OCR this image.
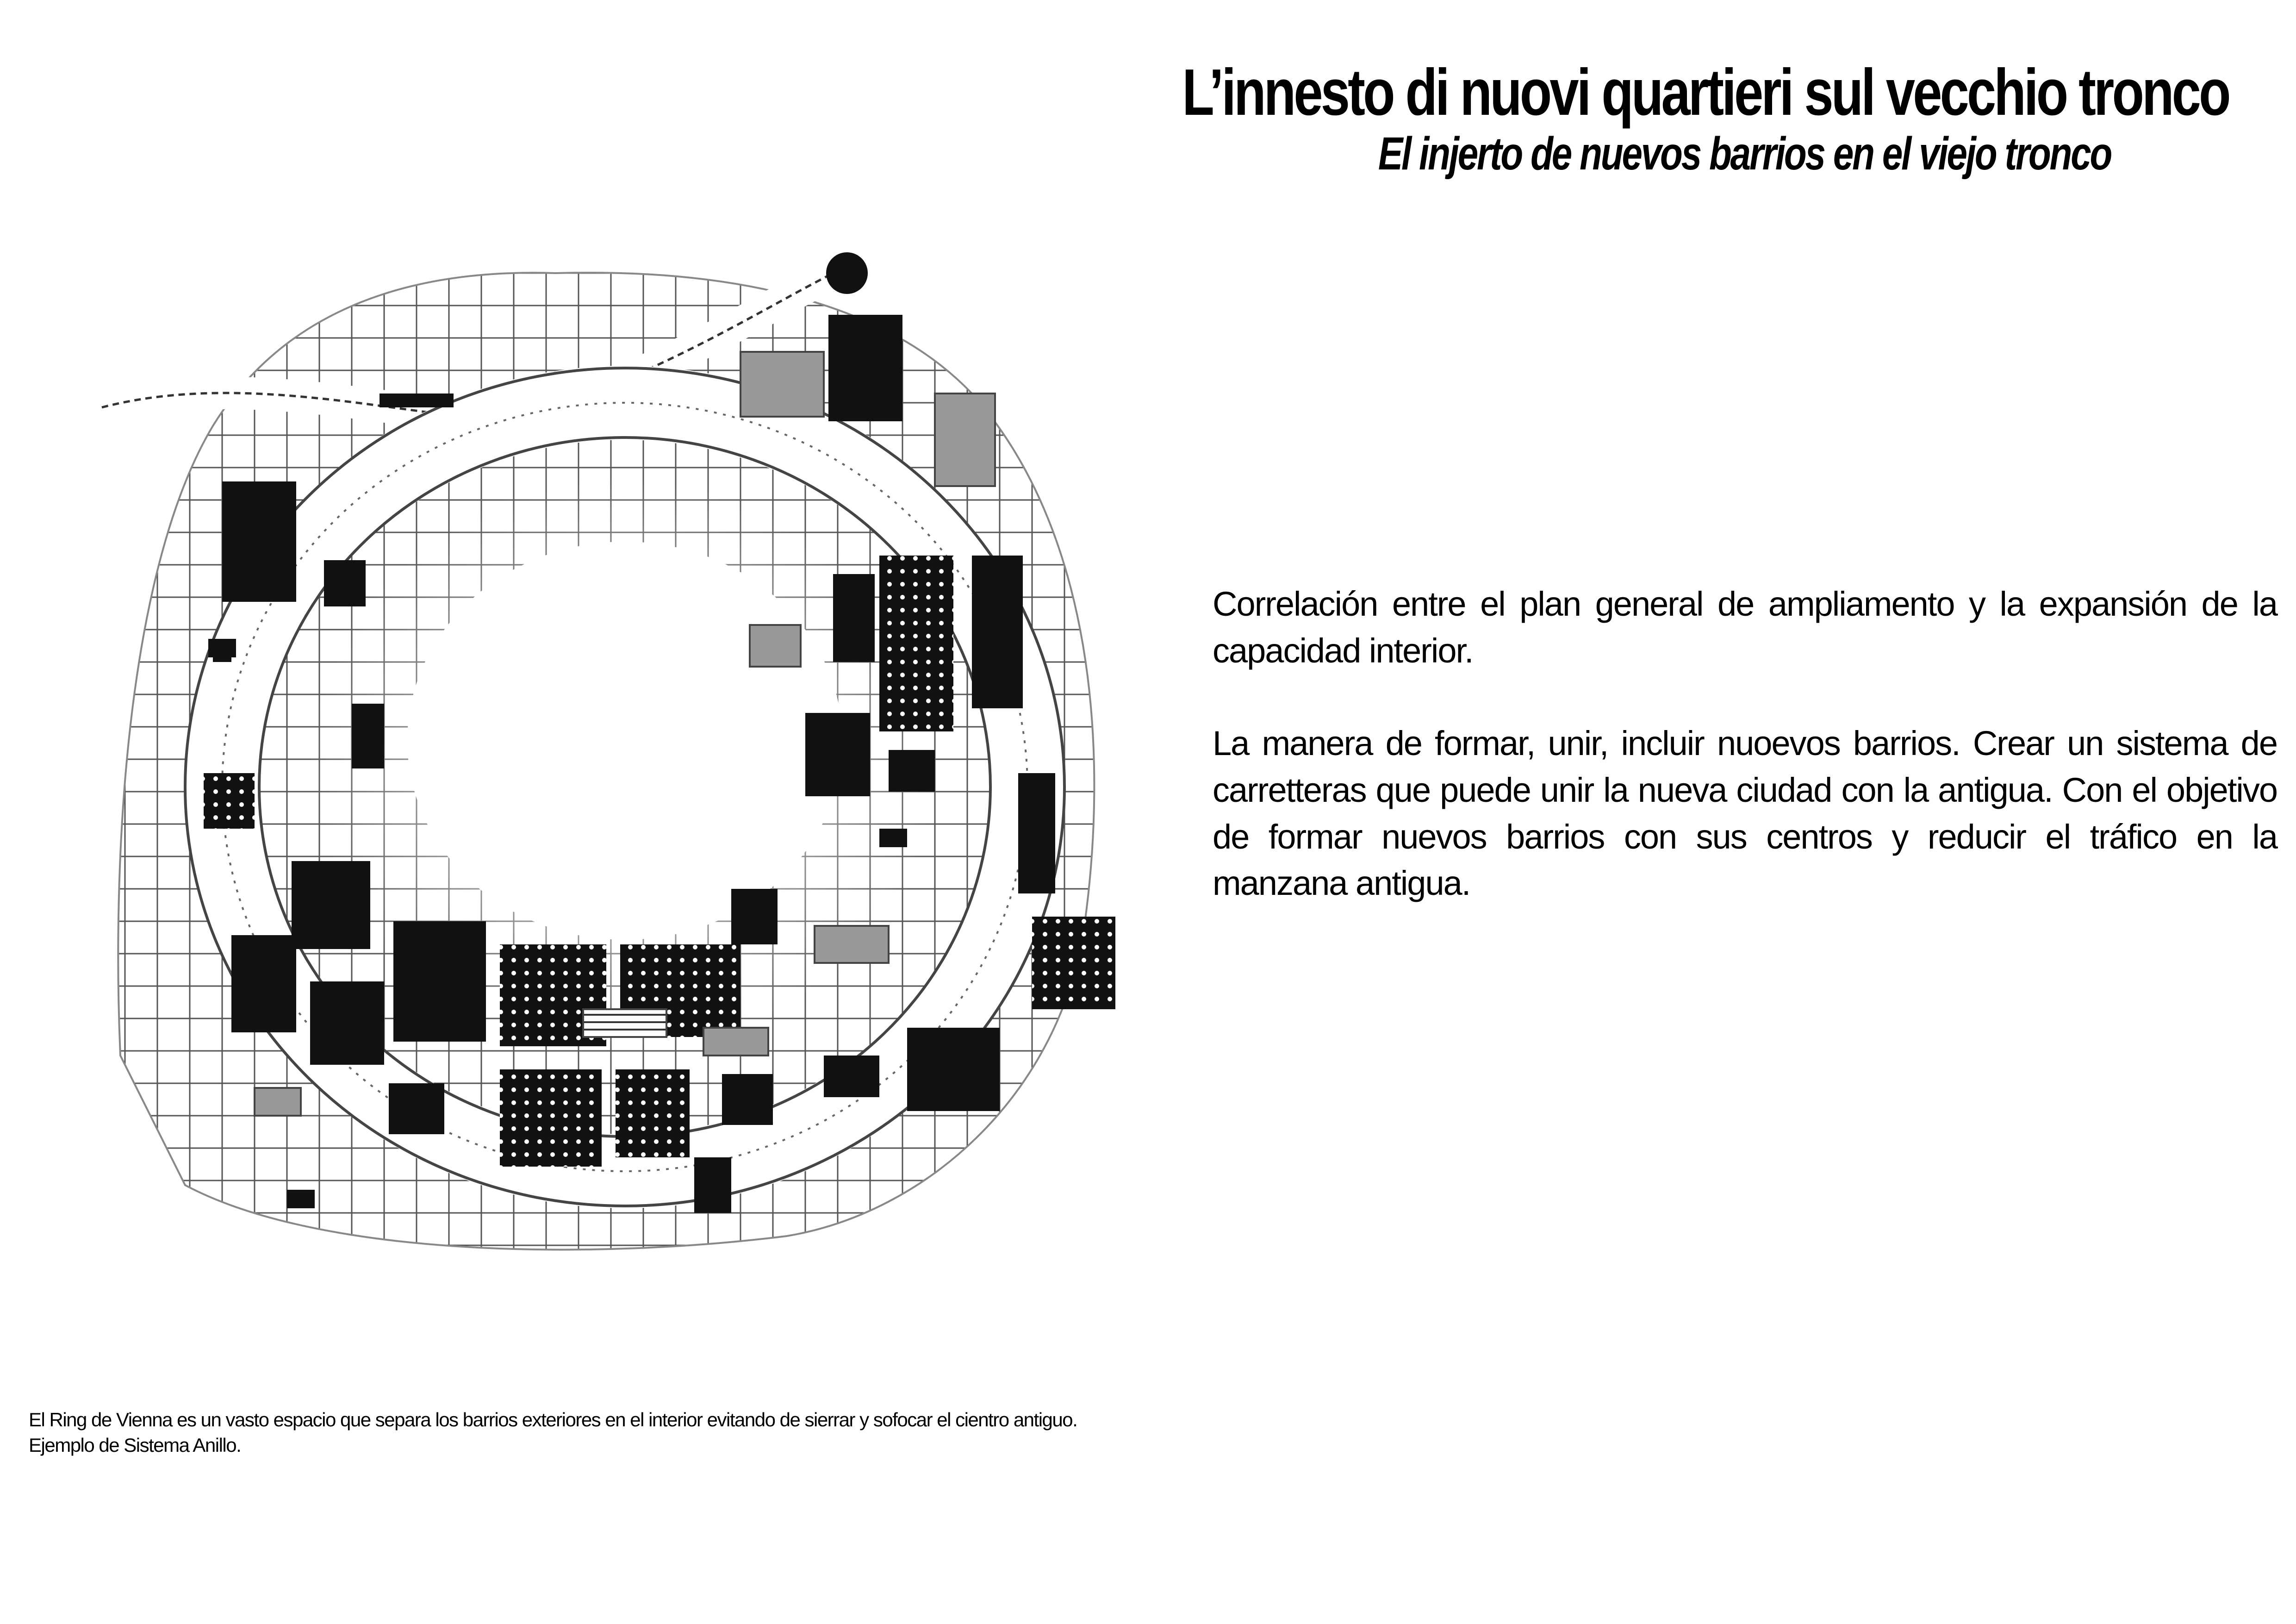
L’innesto di nuovi quartieri sul vecchio tronco
El injerto de nuevos barrios en el viejo tronco

Correlación entre el plan general de ampliamento y la expansión de la capacidad interior.

La manera de formar, unir, incluir nuoevos barrios. Crear un sistema de carretteras que puede unir la nueva ciudad con la antigua. Con el objetivo de formar nuevos barrios con sus centros y reducir el tráfico en la manzana antigua.

El Ring de Vienna es un vasto espacio que separa los barrios exteriores en el interior evitando de sierrar y sofocar el cientro antiguo.

Ejemplo de Sistema Anillo.
